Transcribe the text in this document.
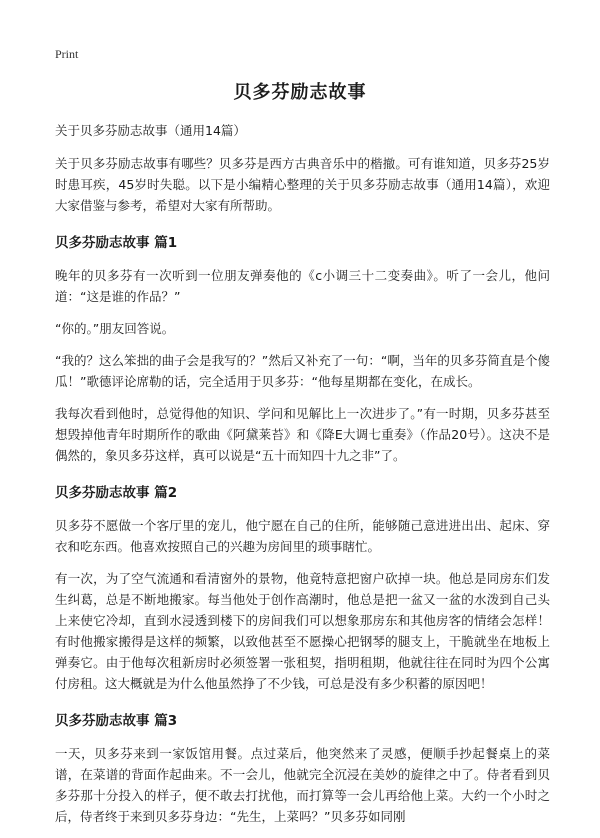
Print
贝多芬励志故事

关于贝多芬励志故事（通用14篇）

关于贝多芬励志故事有哪些？贝多芬是西方古典音乐中的楷撤。可有谁知道，贝多芬25岁时患耳疾，45岁时失聪。以下是小编精心整理的关于贝多芬励志故事（通用14篇），欢迎大家借鉴与参考，希望对大家有所帮助。

贝多芬励志故事 篇1

晚年的贝多芬有一次听到一位朋友弹奏他的《c小调三十二变奏曲》。听了一会儿，他问道：“这是谁的作品？”

“你的。”朋友回答说。

“我的？这么笨拙的曲子会是我写的？”然后又补充了一句：“啊，当年的贝多芬简直是个傻瓜！”歌德评论席勒的话，完全适用于贝多芬：“他每星期都在变化，在成长。

我每次看到他时，总觉得他的知识、学问和见解比上一次进步了。”有一时期，贝多芬甚至想毁掉他青年时期所作的歌曲《阿黛莱苔》和《降E大调七重奏》（作品20号）。这决不是偶然的，象贝多芬这样，真可以说是“五十而知四十九之非”了。

贝多芬励志故事 篇2

贝多芬不愿做一个客厅里的宠儿，他宁愿在自己的住所，能够随己意进进出出、起床、穿衣和吃东西。他喜欢按照自己的兴趣为房间里的琐事瞎忙。

有一次，为了空气流通和看清窗外的景物，他竟特意把窗户砍掉一块。他总是同房东们发生纠葛，总是不断地搬家。每当他处于创作高潮时，他总是把一盆又一盆的水泼到自己头上来使它冷却，直到水浸透到楼下的房间我们可以想象那房东和其他房客的情绪会怎样！有时他搬家搬得是这样的频繁，以致他甚至不愿操心把钢琴的腿支上，干脆就坐在地板上弹奏它。由于他每次租新房时必须签署一张租契，指明租期，他就往往在同时为四个公寓付房租。这大概就是为什么他虽然挣了不少钱，可总是没有多少积蓄的原因吧！

贝多芬励志故事 篇3

一天，贝多芬来到一家饭馆用餐。点过菜后，他突然来了灵感，便顺手抄起餐桌上的菜谱，在菜谱的背面作起曲来。不一会儿，他就完全沉浸在美妙的旋律之中了。侍者看到贝多芬那十分投入的样子，便不敢去打扰他，而打算等一会儿再给他上菜。大约一个小时之后，侍者终于来到贝多芬身边：“先生，上菜吗？”贝多芬如同刚
